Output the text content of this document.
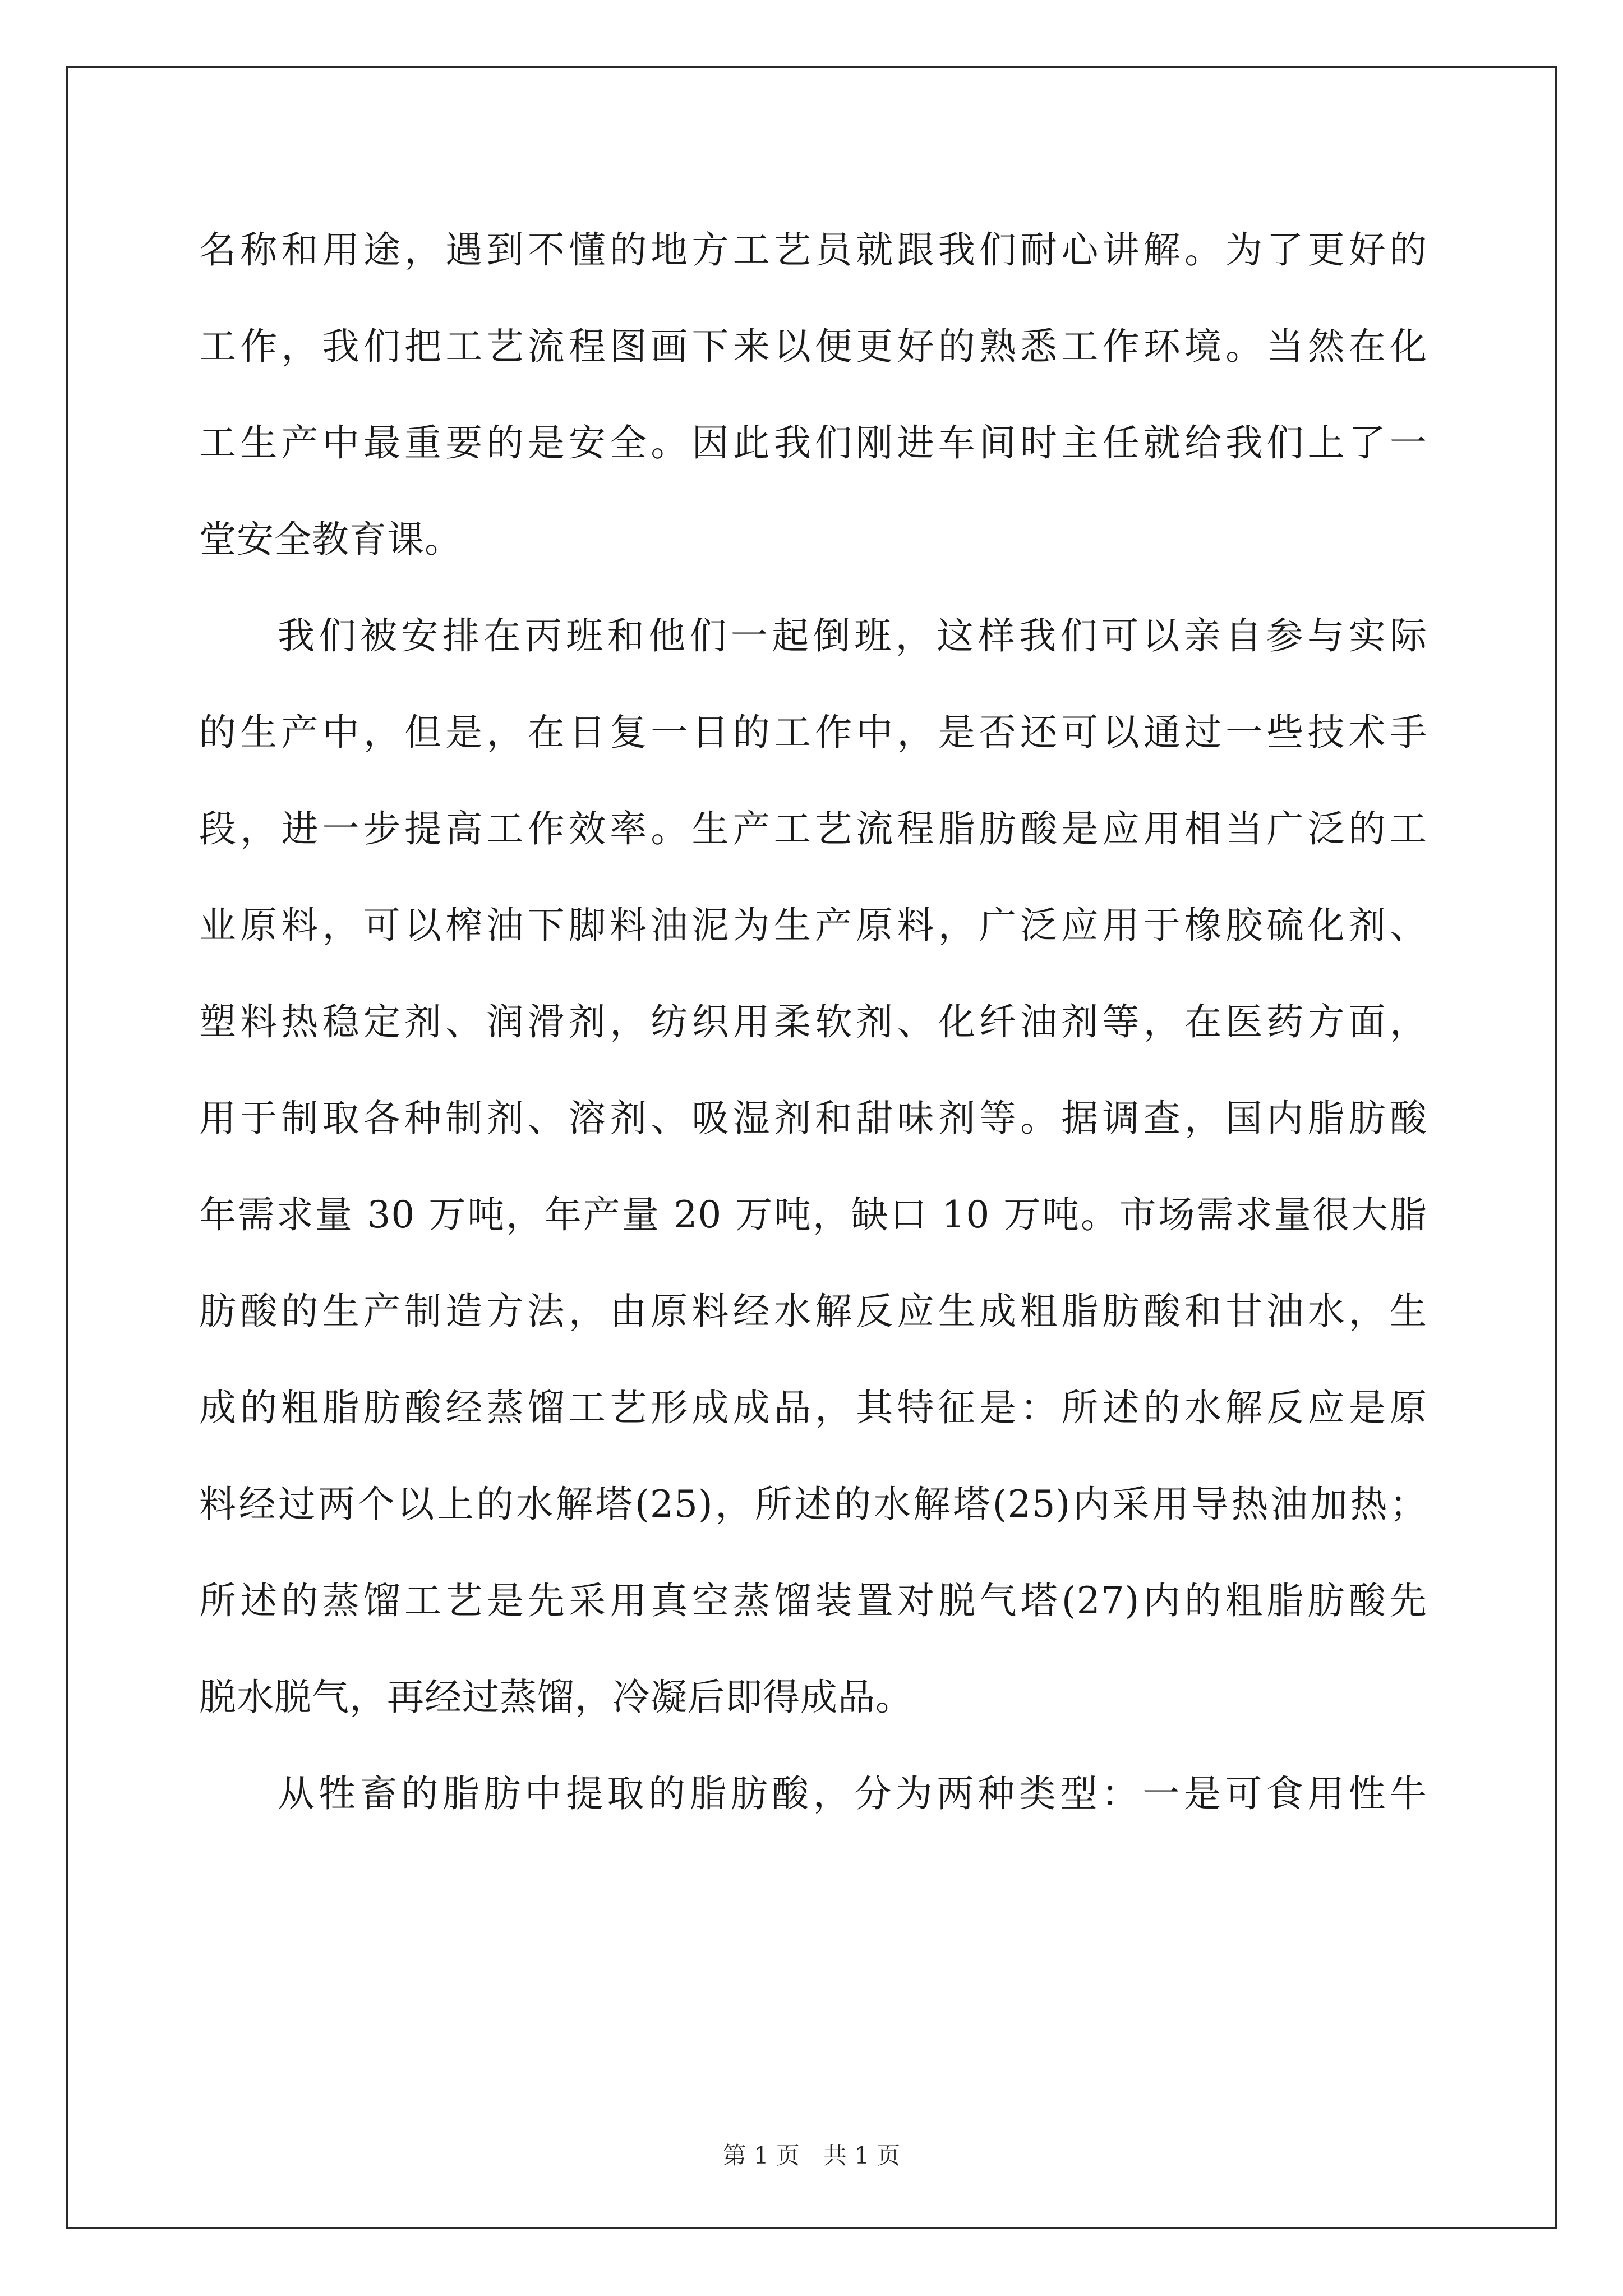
名称和用途，遇到不懂的地方工艺员就跟我们耐心讲解。为了更好的
工作，我们把工艺流程图画下来以便更好的熟悉工作环境。当然在化
工生产中最重要的是安全。因此我们刚进车间时主任就给我们上了一
堂安全教育课。
我们被安排在丙班和他们一起倒班，这样我们可以亲自参与实际
的生产中，但是，在日复一日的工作中，是否还可以通过一些技术手
段，进一步提高工作效率。生产工艺流程脂肪酸是应用相当广泛的工
业原料，可以榨油下脚料油泥为生产原料，广泛应用于橡胶硫化剂、
塑料热稳定剂、润滑剂，纺织用柔软剂、化纤油剂等，在医药方面，
用于制取各种制剂、溶剂、吸湿剂和甜味剂等。据调查，国内脂肪酸
年需求量 30 万吨，年产量 20 万吨，缺口 10 万吨。市场需求量很大脂
肪酸的生产制造方法，由原料经水解反应生成粗脂肪酸和甘油水，生
成的粗脂肪酸经蒸馏工艺形成成品，其特征是：所述的水解反应是原
料经过两个以上的水解塔(25)，所述的水解塔(25)内采用导热油加热；
所述的蒸馏工艺是先采用真空蒸馏装置对脱气塔(27)内的粗脂肪酸先
脱水脱气，再经过蒸馏，冷凝后即得成品。
从牲畜的脂肪中提取的脂肪酸，分为两种类型：一是可食用性牛
第 1 页　共 1 页
